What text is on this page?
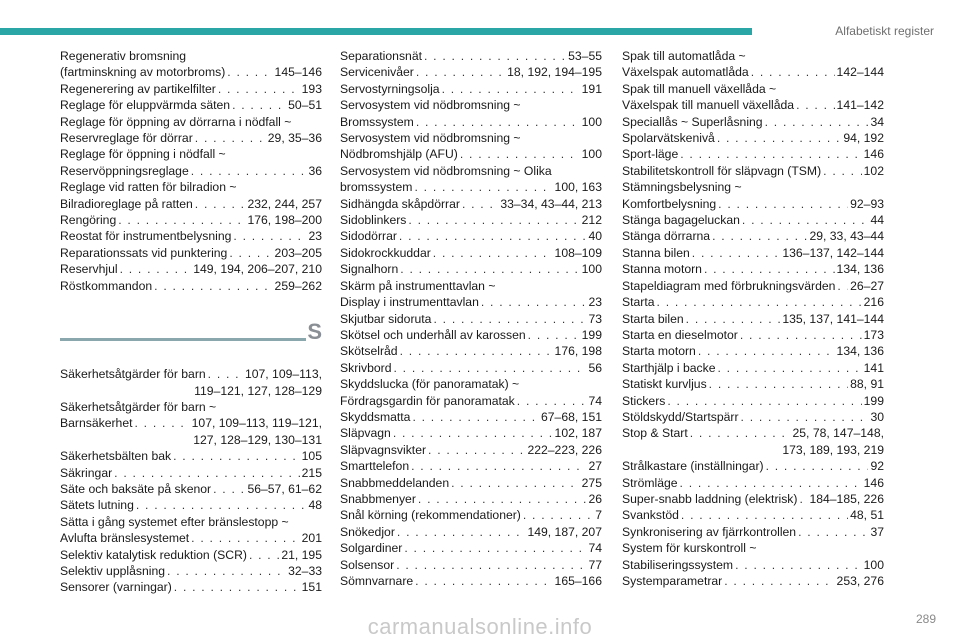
Alfabetiskt register
Regenerativ bromsning
(fartminskning av motorbroms) . . .	145–146
Regenerering av partikelfilter . . .	193
Reglage för eluppvärmda säten . . .	50–51
Reglage för öppning av dörrarna i nödfall ~
Reservreglage för dörrar . . .	29, 35–36
Reglage för öppning i nödfall ~
Reservöppningsreglage . . .	36
Reglage vid ratten för bilradion ~
Bilradioreglage på ratten . . .	232, 244, 257
Rengöring . . .	176, 198–200
Reostat för instrumentbelysning . . .	23
Reparationssats vid punktering . . .	203–205
Reservhjul . . .	149, 194, 206–207, 210
Röstkommandon . . .	259–262
S
Säkerhetsåtgärder för barn . . .	107, 109–113,
119–121, 127, 128–129
Säkerhetsåtgärder för barn ~
Barnsäkerhet . . .	107, 109–113, 119–121,
127, 128–129, 130–131
Säkerhetsbälten bak . . .	105
Säkringar . . .	215
Säte och baksäte på skenor . . .	56–57, 61–62
Sätets lutning . . .	48
Sätta i gång systemet efter bränslestopp ~
Avlufta bränslesystemet . . .	201
Selektiv katalytisk reduktion (SCR) . . .	21, 195
Selektiv upplåsning . . .	32–33
Sensorer (varningar) . . .	151
Separationsnät . . .	53–55
Servicenivåer . . .	18, 192, 194–195
Servostyrningsolja . . .	191
Servosystem vid nödbromsning ~
Bromssystem . . .	100
Servosystem vid nödbromsning ~
Nödbromshjälp (AFU) . . .	100
Servosystem vid nödbromsning ~ Olika
bromssystem . . .	100, 163
Sidhängda skåpdörrar . . .	33–34, 43–44, 213
Sidoblinkers . . .	212
Sidodörrar . . .	40
Sidokrockkuddar . . .	108–109
Signalhorn . . .	100
Skärm på instrumenttavlan ~
Display i instrumenttavlan . . .	23
Skjutbar sidoruta . . .	73
Skötsel och underhåll av karossen . . .	199
Skötselråd . . .	176, 198
Skrivbord . . .	56
Skyddslucka (för panoramatak) ~
Fördragsgardin för panoramatak . . .	74
Skyddsmatta . . .	67–68, 151
Släpvagn . . .	102, 187
Släpvagnsvikter . . .	222–223, 226
Smarttelefon . . .	27
Snabbmeddelanden . . .	275
Snabbmenyer . . .	26
Snål körning (rekommendationer) . . .	7
Snökedjor . . .	149, 187, 207
Solgardiner . . .	74
Solsensor . . .	77
Sömnvarnare . . .	165–166
Spak till automatlåda ~
Växelspak automatlåda . . .	142–144
Spak till manuell växellåda ~
Växelspak till manuell växellåda . . .	141–142
Speciallås ~ Superlåsning . . .	34
Spolarvätskenivå . . .	94, 192
Sport-läge . . .	146
Stabilitetskontroll för släpvagn (TSM) . . .	102
Stämningsbelysning ~
Komfortbelysning . . .	92–93
Stänga bagageluckan . . .	44
Stänga dörrarna . . .	29, 33, 43–44
Stanna bilen . . .	136–137, 142–144
Stanna motorn . . .	134, 136
Stapeldiagram med förbrukningsvärden . . . 26–27
Starta . . .	216
Starta bilen . . .	135, 137, 141–144
Starta en dieselmotor . . .	173
Starta motorn . . .	134, 136
Starthjälp i backe . . .	141
Statiskt kurvljus . . .	88, 91
Stickers . . .	199
Stöldskydd/Startspärr . . .	30
Stop & Start . . .	25, 78, 147–148,
173, 189, 193, 219
Strålkastare (inställningar) . . .	92
Strömläge . . .	146
Super-snabb laddning (elektrisk) . . . 184–185, 226
Svankstöd . . .	48, 51
Synkronisering av fjärrkontrollen . . .	37
System för kurskontroll ~
Stabiliseringssystem . . .	100
Systemparametrar . . .	253, 276
carmanualsonline.info	289
